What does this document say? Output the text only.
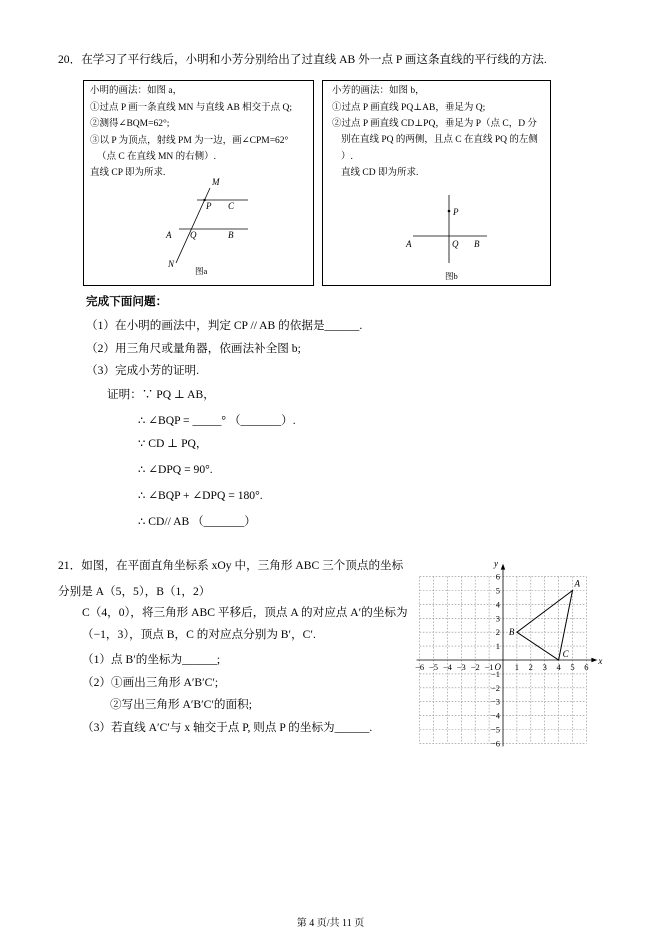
20．在学习了平行线后，小明和小芳分别给出了过直线 AB 外一点 P 画这条直线的平行线的方法.
小明的画法：如图 a，
①过点 P 画一条直线 MN 与直线 AB 相交于点 Q;
②测得∠BQM=62°;
③以 P 为顶点，射线 PM 为一边，画∠CPM=62°
（点 C 在直线 MN 的右侧）.
直线 CP 即为所求.
M
P C
A Q	B
N
图a
小芳的画法：如图 b，
①过点 P 画直线 PQ⊥AB，垂足为 Q;
②过点 P 画直线 CD⊥PQ，垂足为 P（点 C，D 分
别在直线 PQ 的两侧，且点 C 在直线 PQ 的左侧
）.
直线 CD 即为所求.
P
A	Q B
图b
完成下面问题：
（1）在小明的画法中，判定 CP // AB 的依据是______.
（2）用三角尺或量角器，依画法补全图 b;
（3）完成小芳的证明.
证明：∵ PQ ⊥ AB，
∴ ∠BQP = _____° （_______）.
∵ CD ⊥ PQ，
∴ ∠DPQ = 90°.
∴ ∠BQP + ∠DPQ = 180°.
∴ CD// AB （_______）
21．如图，在平面直角坐标系 xOy 中，三角形 ABC 三个顶点的坐标
分别是 A（5，5），B（1，2）
C（4，0），将三角形 ABC 平移后，顶点 A 的对应点 A′的坐标为
（−1，3），顶点 B，C 的对应点分别为 B′，C′.
（1）点 B′的坐标为______;
（2）①画出三角形 A′B′C′;
②写出三角形 A′B′C′的面积;
（3）若直线 A′C′与 x 轴交于点 P, 则点 P 的坐标为______.
−6 −5 −4 −3 −2 −1 1 2 3 4 5 6
6
5
4
3
2
1
−1
−2
−3
−4
−5
−6
O
x
y
A
B
C
第 4 页/共 11 页
